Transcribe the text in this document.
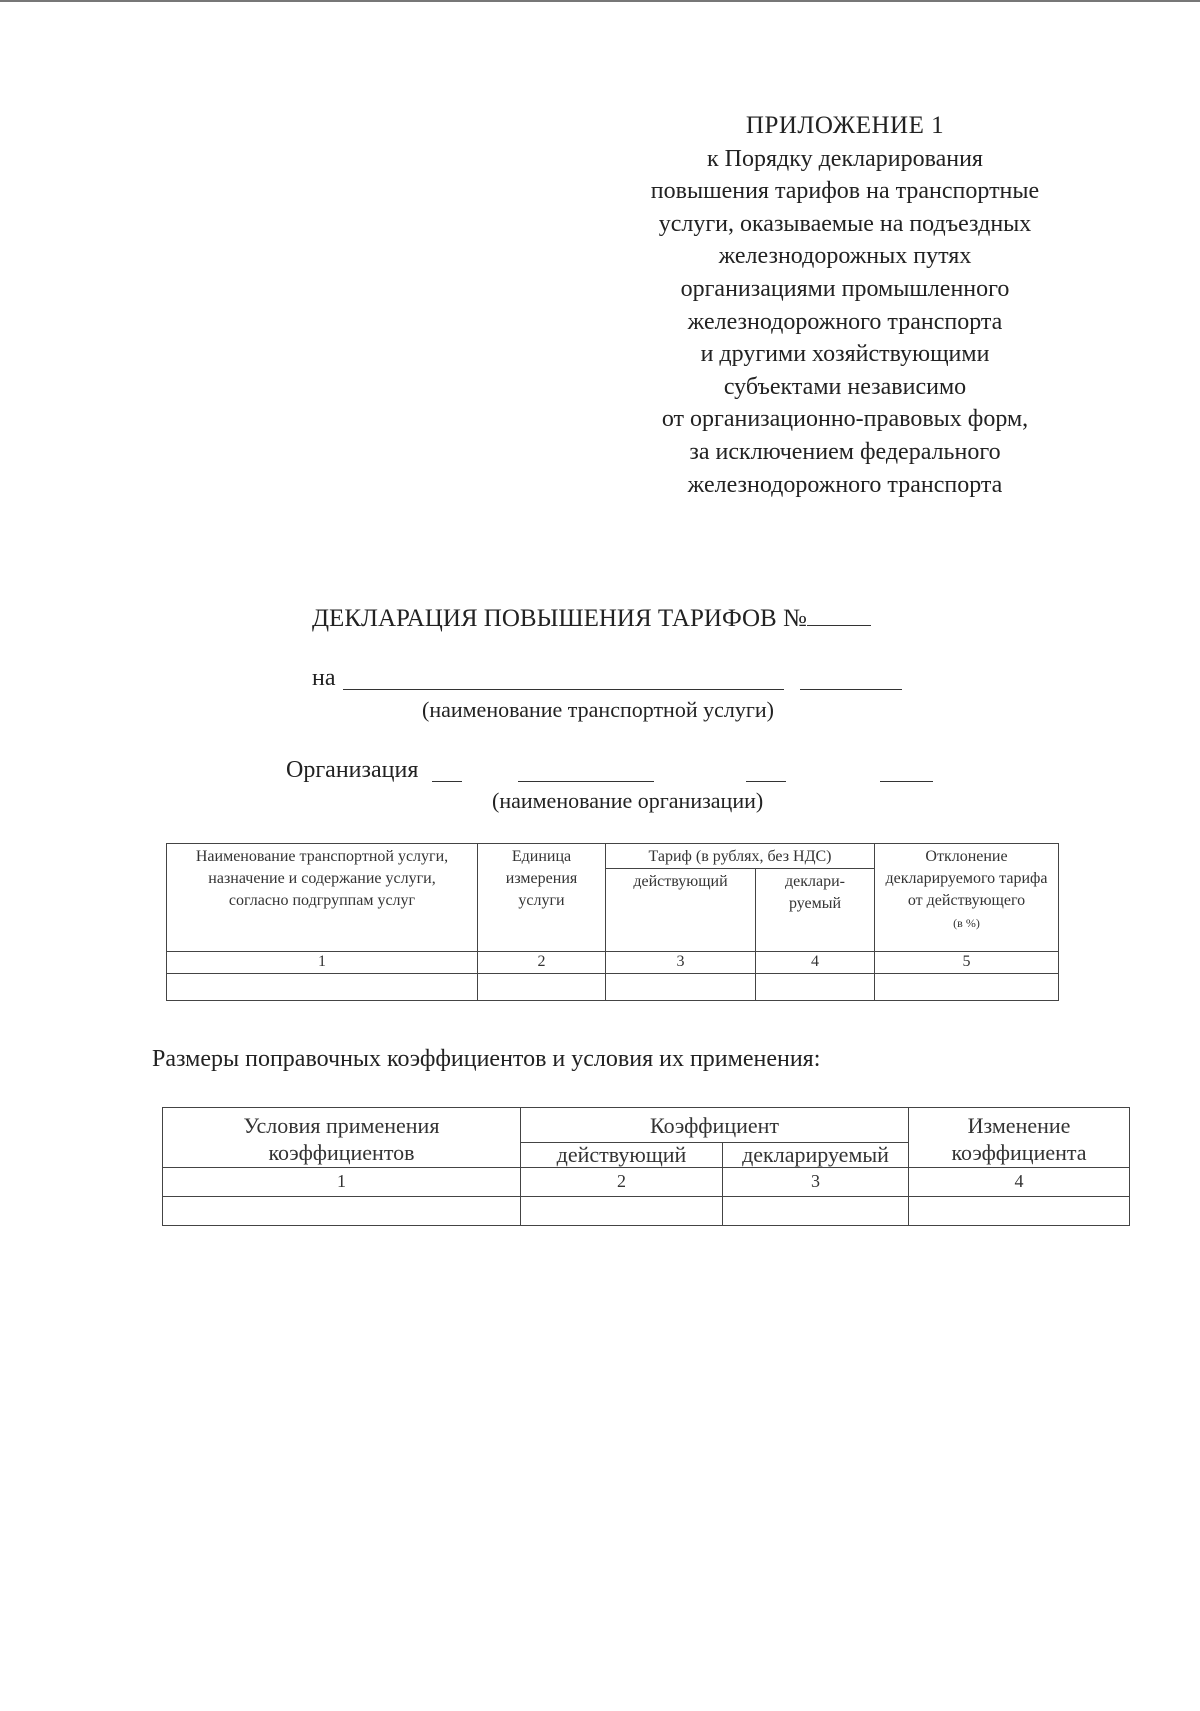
ПРИЛОЖЕНИЕ 1
к Порядку декларирования
повышения тарифов на транспортные
услуги, оказываемые на подъездных
железнодорожных путях
организациями промышленного
железнодорожного транспорта
и другими хозяйствующими
субъектами независимо
от организационно-правовых форм,
за исключением федерального
железнодорожного транспорта
ДЕКЛАРАЦИЯ ПОВЫШЕНИЯ ТАРИФОВ №
на
(наименование транспортной услуги)
Организация
(наименование организации)
Наименование транспортной услуги, назначение и содержание услуги, согласно подгруппам услуг	Единица измерения услуги	Тариф (в рублях, без НДС)		Отклонение декларируемого тарифа от действующего
(в %)
		действующий	деклари-
руемый	
1	2	3	4	5

Размеры поправочных коэффициентов и условия их применения:
Условия применения
коэффициентов	Коэффициент		Изменение
коэффициента
	действующий	декларируемый	
1	2	3	4
